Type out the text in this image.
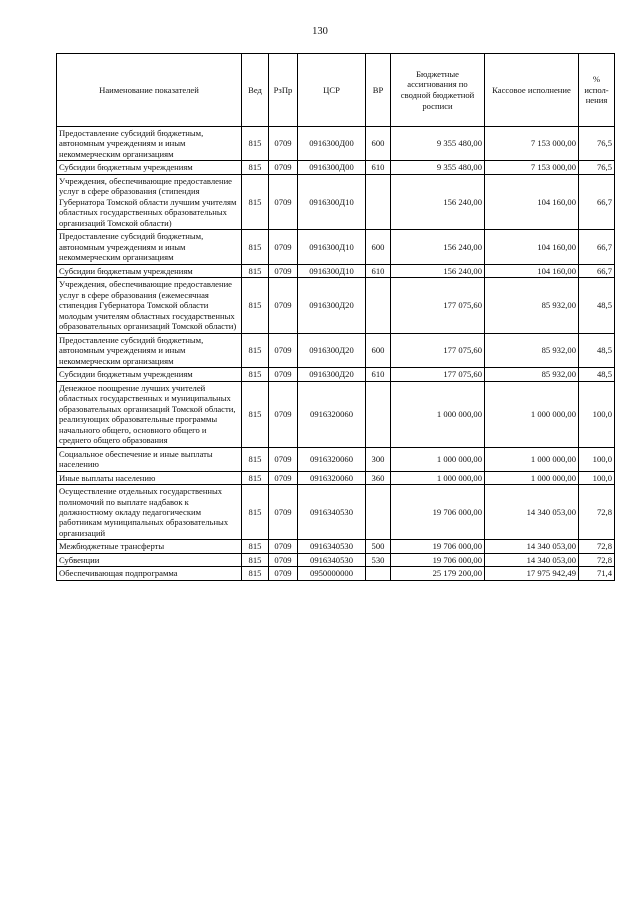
130
Наименование показателей	Вед	РзПр	ЦСР	ВР	Бюджетные ассигнования по сводной бюджетной росписи	Кассовое исполнение	% испол-нения
Предоставление субсидий бюджетным, автономным учреждениям и иным некоммерческим организациям	815	0709	0916300Д00	600	9 355 480,00	7 153 000,00	76,5
Субсидии бюджетным учреждениям	815	0709	0916300Д00	610	9 355 480,00	7 153 000,00	76,5
Учреждения, обеспечивающие предоставление услуг в сфере образования (стипендия Губернатора Томской области лучшим учителям областных государственных образовательных организаций Томской области)	815	0709	0916300Д10		156 240,00	104 160,00	66,7
Предоставление субсидий бюджетным, автономным учреждениям и иным некоммерческим организациям	815	0709	0916300Д10	600	156 240,00	104 160,00	66,7
Субсидии бюджетным учреждениям	815	0709	0916300Д10	610	156 240,00	104 160,00	66,7
Учреждения, обеспечивающие предоставление услуг в сфере образования (ежемесячная стипендия Губернатора Томской области молодым учителям областных государственных образовательных организаций Томской области)	815	0709	0916300Д20		177 075,60	85 932,00	48,5
Предоставление субсидий бюджетным, автономным учреждениям и иным некоммерческим организациям	815	0709	0916300Д20	600	177 075,60	85 932,00	48,5
Субсидии бюджетным учреждениям	815	0709	0916300Д20	610	177 075,60	85 932,00	48,5
Денежное поощрение лучших учителей областных государственных и муниципальных образовательных организаций Томской области, реализующих образовательные программы начального общего, основного общего и среднего общего образования	815	0709	0916320060		1 000 000,00	1 000 000,00	100,0
Социальное обеспечение и иные выплаты населению	815	0709	0916320060	300	1 000 000,00	1 000 000,00	100,0
Иные выплаты населению	815	0709	0916320060	360	1 000 000,00	1 000 000,00	100,0
Осуществление отдельных государственных полномочий по выплате надбавок к должностному окладу педагогическим работникам муниципальных образовательных организаций	815	0709	0916340530		19 706 000,00	14 340 053,00	72,8
Межбюджетные трансферты	815	0709	0916340530	500	19 706 000,00	14 340 053,00	72,8
Субвенции	815	0709	0916340530	530	19 706 000,00	14 340 053,00	72,8
Обеспечивающая подпрограмма	815	0709	0950000000		25 179 200,00	17 975 942,49	71,4
